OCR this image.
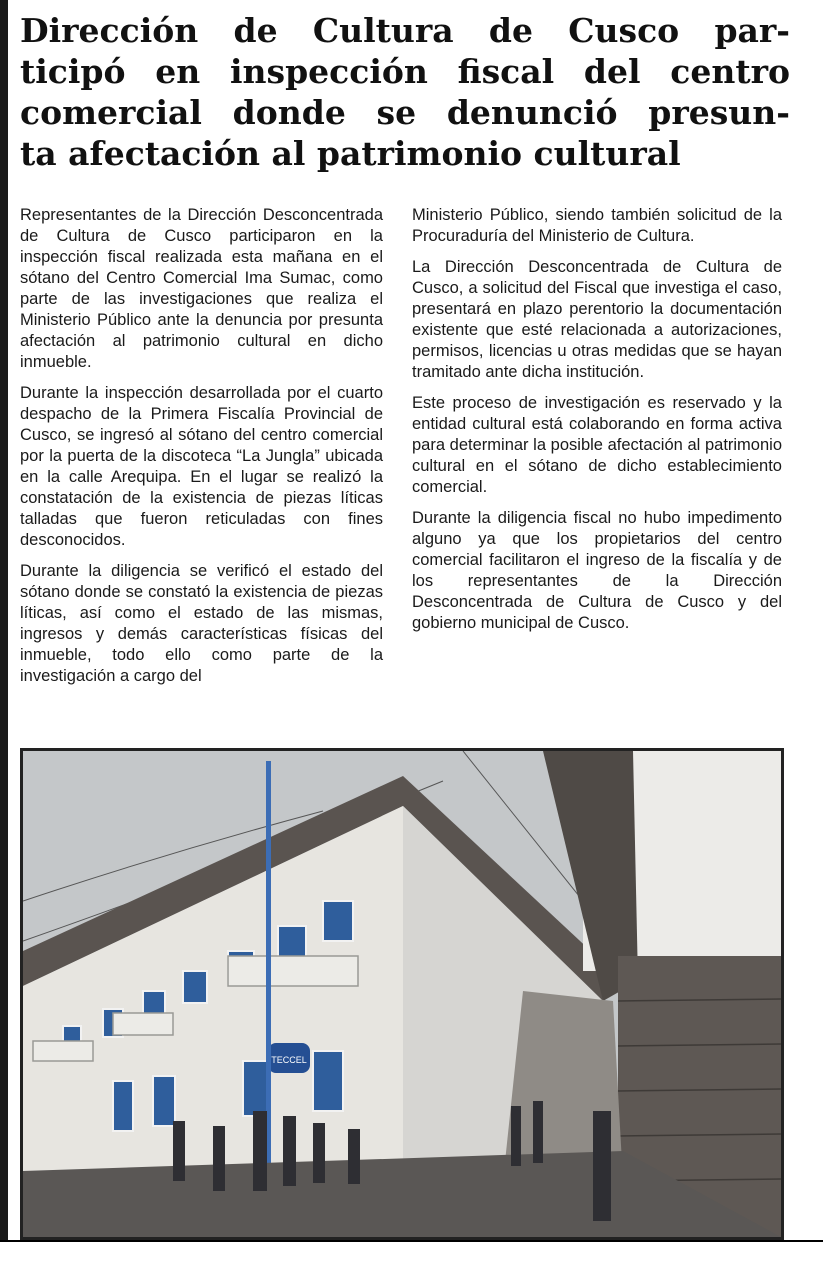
Dirección de Cultura de Cusco par-
ticipó en inspección fiscal del centro
comercial donde se denunció presun-
ta afectación al patrimonio cultural

Representantes de la Dirección Desconcentrada de Cultura de Cusco participaron en la inspección fiscal realizada esta mañana en el sótano del Centro Comercial Ima Sumac, como parte de las investigaciones que realiza el Ministerio Público ante la denuncia por presunta afectación al patrimonio cultural en dicho inmueble.

Durante la inspección desarrollada por el cuarto despacho de la Primera Fiscalía Provincial de Cusco, se ingresó al sótano del centro comercial por la puerta de la discoteca “La Jungla” ubicada en la calle Arequipa. En el lugar se realizó la constatación de la existencia de piezas líticas talladas que fueron reticuladas con fines desconocidos.

Durante la diligencia se verificó el estado del sótano donde se constató la existencia de piezas líticas, así como el estado de las mismas, ingresos y demás características físicas del inmueble, todo ello como parte de la investigación a cargo del

Ministerio Público, siendo también solicitud de la Procuraduría del Ministerio de Cultura.

La Dirección Desconcentrada de Cultura de Cusco, a solicitud del Fiscal que investiga el caso, presentará en plazo perentorio la documentación existente que esté relacionada a autorizaciones, permisos, licencias u otras medidas que se hayan tramitado ante dicha institución.

Este proceso de investigación es reservado y la entidad cultural está colaborando en forma activa para determinar la posible afectación al patrimonio cultural en el sótano de dicho establecimiento comercial.

Durante la diligencia fiscal no hubo impedimento alguno ya que los propietarios del centro comercial facilitaron el ingreso de la fiscalía y de los representantes de la Dirección Desconcentrada de Cultura de Cusco y del gobierno municipal de Cusco.

TECCEL
